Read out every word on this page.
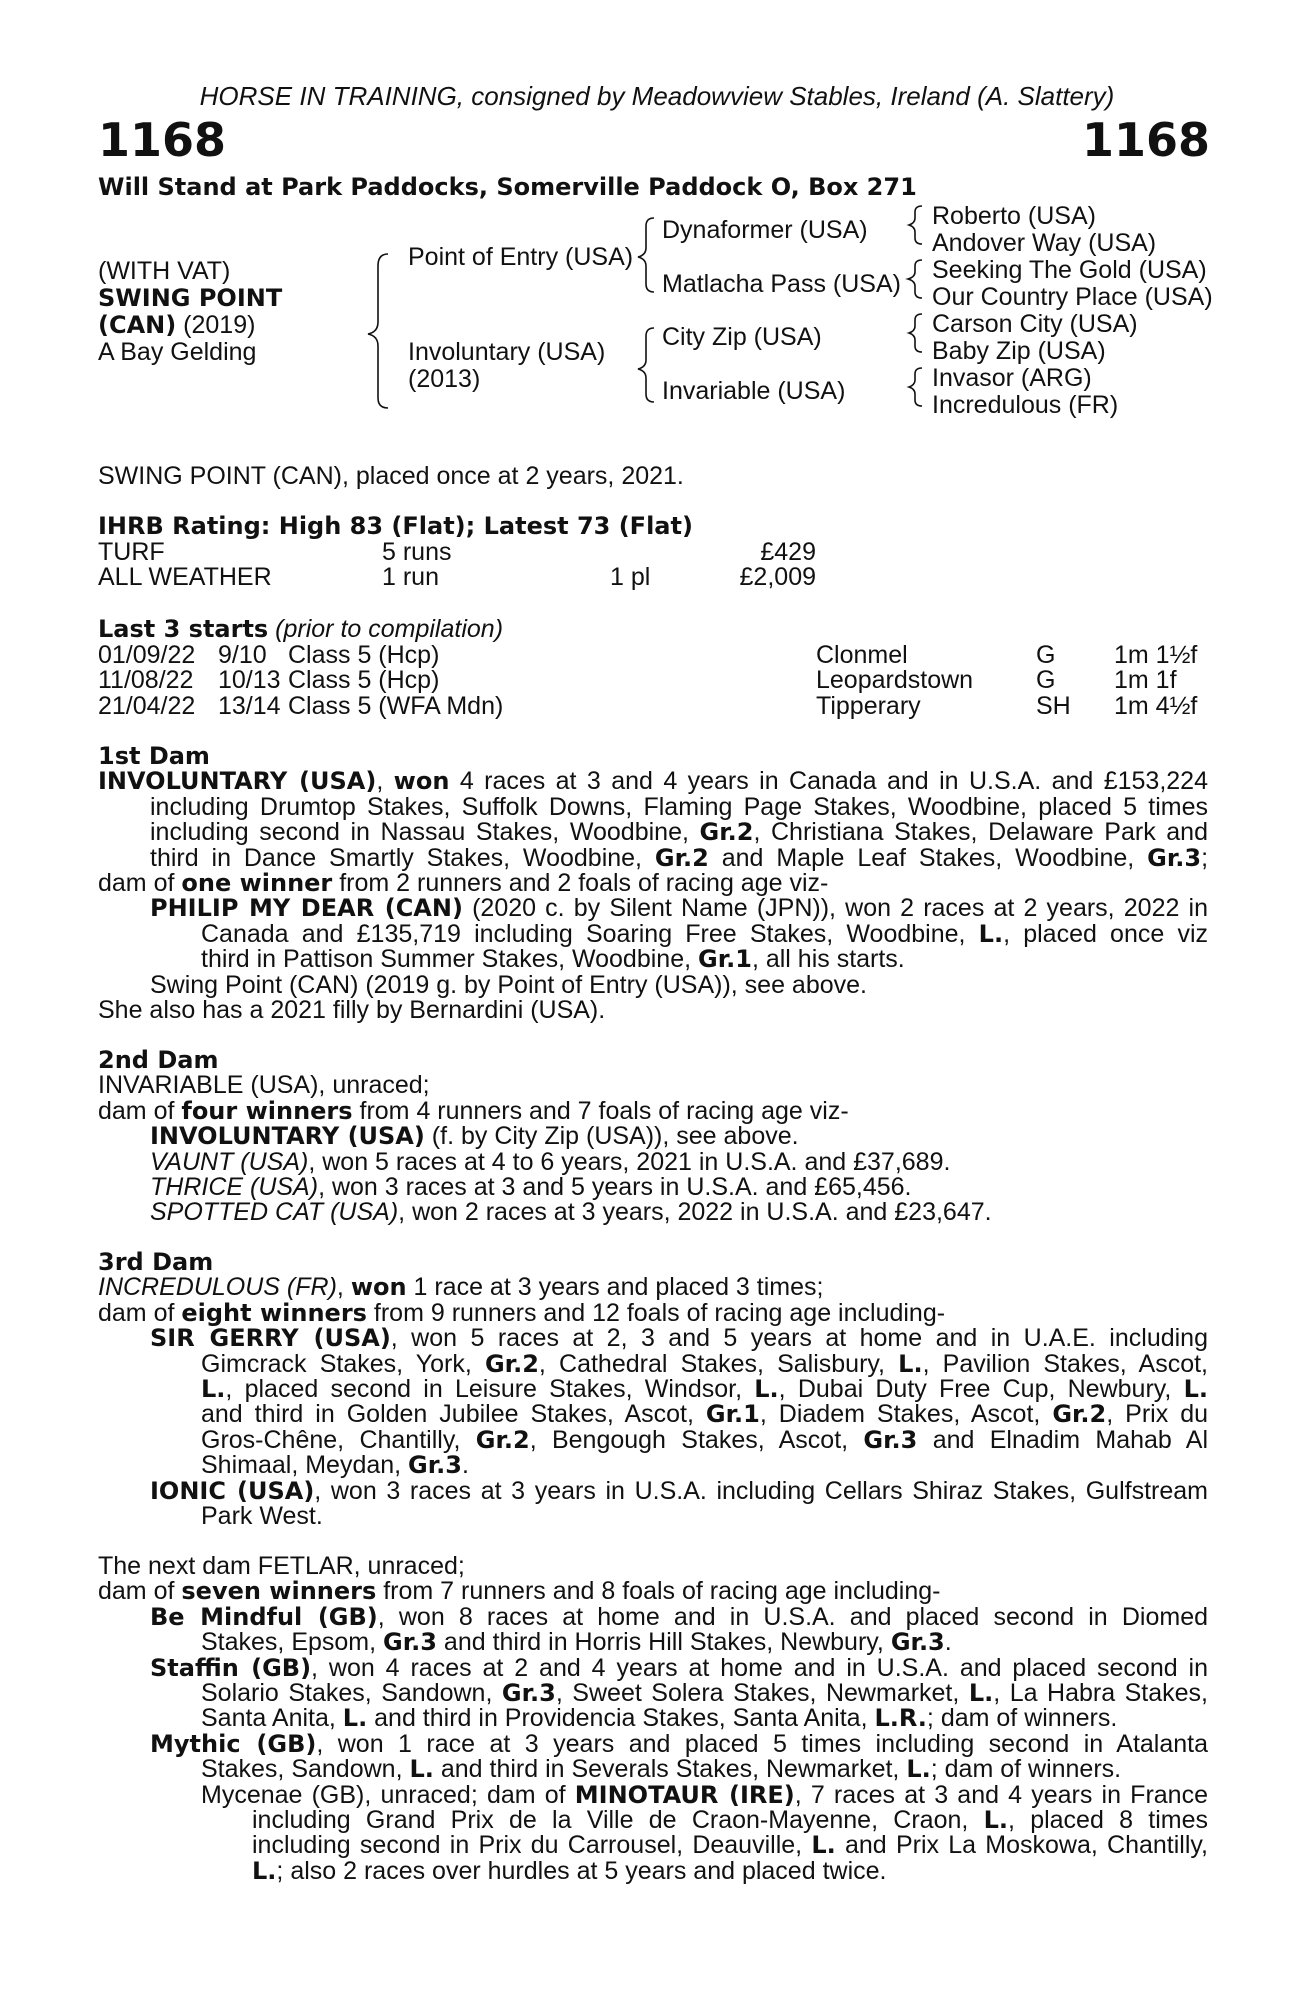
HORSE IN TRAINING, consigned by Meadowview Stables, Ireland (A. Slattery)
1168	1168
Will Stand at Park Paddocks, Somerville Paddock O, Box 271
(WITH VAT)
SWING POINT
(CAN) (2019)
A Bay Gelding
Point of Entry (USA)
Involuntary (USA)
(2013)
Dynaformer (USA)
Matlacha Pass (USA)
City Zip (USA)
Invariable (USA)
Roberto (USA)
Andover Way (USA)
Seeking The Gold (USA)
Our Country Place (USA)
Carson City (USA)
Baby Zip (USA)
Invasor (ARG)
Incredulous (FR)
SWING POINT (CAN), placed once at 2 years, 2021.
IHRB Rating: High 83 (Flat); Latest 73 (Flat)
TURF	5 runs		£429
ALL WEATHER	1 run	1 pl	£2,009
Last 3 starts (prior to compilation)
01/09/22	9/10	Class 5 (Hcp)	Clonmel	G	1m 1½f
11/08/22	10/13	Class 5 (Hcp)	Leopardstown	G	1m 1f
21/04/22	13/14	Class 5 (WFA Mdn)	Tipperary	SH	1m 4½f
1st Dam
INVOLUNTARY (USA), won 4 races at 3 and 4 years in Canada and in U.S.A. and £153,224
including Drumtop Stakes, Suffolk Downs, Flaming Page Stakes, Woodbine, placed 5 times
including second in Nassau Stakes, Woodbine, Gr.2, Christiana Stakes, Delaware Park and
third in Dance Smartly Stakes, Woodbine, Gr.2 and Maple Leaf Stakes, Woodbine, Gr.3;
dam of one winner from 2 runners and 2 foals of racing age viz-
PHILIP MY DEAR (CAN) (2020 c. by Silent Name (JPN)), won 2 races at 2 years, 2022 in
Canada and £135,719 including Soaring Free Stakes, Woodbine, L., placed once viz
third in Pattison Summer Stakes, Woodbine, Gr.1, all his starts.
Swing Point (CAN) (2019 g. by Point of Entry (USA)), see above.
She also has a 2021 filly by Bernardini (USA).
2nd Dam
INVARIABLE (USA), unraced;
dam of four winners from 4 runners and 7 foals of racing age viz-
INVOLUNTARY (USA) (f. by City Zip (USA)), see above.
VAUNT (USA), won 5 races at 4 to 6 years, 2021 in U.S.A. and £37,689.
THRICE (USA), won 3 races at 3 and 5 years in U.S.A. and £65,456.
SPOTTED CAT (USA), won 2 races at 3 years, 2022 in U.S.A. and £23,647.
3rd Dam
INCREDULOUS (FR), won 1 race at 3 years and placed 3 times;
dam of eight winners from 9 runners and 12 foals of racing age including-
SIR GERRY (USA), won 5 races at 2, 3 and 5 years at home and in U.A.E. including
Gimcrack Stakes, York, Gr.2, Cathedral Stakes, Salisbury, L., Pavilion Stakes, Ascot,
L., placed second in Leisure Stakes, Windsor, L., Dubai Duty Free Cup, Newbury, L.
and third in Golden Jubilee Stakes, Ascot, Gr.1, Diadem Stakes, Ascot, Gr.2, Prix du
Gros-Chêne, Chantilly, Gr.2, Bengough Stakes, Ascot, Gr.3 and Elnadim Mahab Al
Shimaal, Meydan, Gr.3.
IONIC (USA), won 3 races at 3 years in U.S.A. including Cellars Shiraz Stakes, Gulfstream
Park West.
The next dam FETLAR, unraced;
dam of seven winners from 7 runners and 8 foals of racing age including-
Be Mindful (GB), won 8 races at home and in U.S.A. and placed second in Diomed
Stakes, Epsom, Gr.3 and third in Horris Hill Stakes, Newbury, Gr.3.
Staffin (GB), won 4 races at 2 and 4 years at home and in U.S.A. and placed second in
Solario Stakes, Sandown, Gr.3, Sweet Solera Stakes, Newmarket, L., La Habra Stakes,
Santa Anita, L. and third in Providencia Stakes, Santa Anita, L.R.; dam of winners.
Mythic (GB), won 1 race at 3 years and placed 5 times including second in Atalanta
Stakes, Sandown, L. and third in Severals Stakes, Newmarket, L.; dam of winners.
Mycenae (GB), unraced; dam of MINOTAUR (IRE), 7 races at 3 and 4 years in France
including Grand Prix de la Ville de Craon-Mayenne, Craon, L., placed 8 times
including second in Prix du Carrousel, Deauville, L. and Prix La Moskowa, Chantilly,
L.; also 2 races over hurdles at 5 years and placed twice.
